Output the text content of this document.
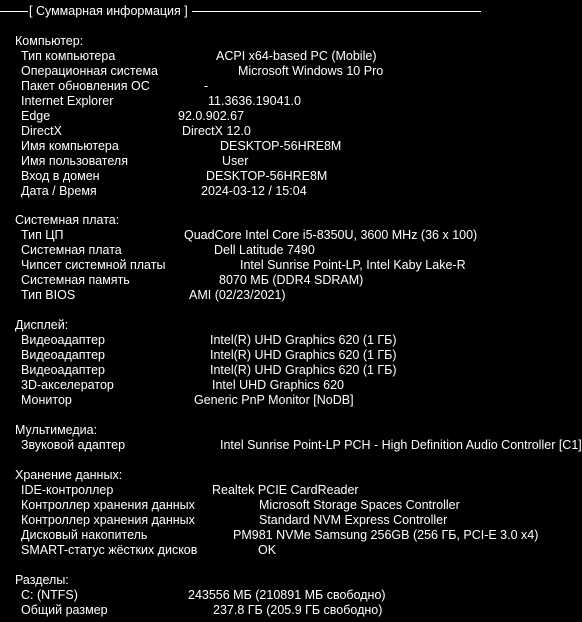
[ Суммарная информация ]
Компьютер:
Тип компьютера	ACPI x64-based PC (Mobile)
Операционная система	Microsoft Windows 10 Pro
Пакет обновления ОС	-
Internet Explorer	11.3636.19041.0
Edge	92.0.902.67
DirectX	DirectX 12.0
Имя компьютера	DESKTOP-56HRE8M
Имя пользователя	User
Вход в домен	DESKTOP-56HRE8M
Дата / Время	2024-03-12 / 15:04
Системная плата:
Тип ЦП	QuadCore Intel Core i5-8350U, 3600 MHz (36 x 100)
Системная плата	Dell Latitude 7490
Чипсет системной платы	Intel Sunrise Point-LP, Intel Kaby Lake-R
Системная память	8070 МБ (DDR4 SDRAM)
Тип BIOS	AMI (02/23/2021)
Дисплей:
Видеоадаптер	Intel(R) UHD Graphics 620 (1 ГБ)
Видеоадаптер	Intel(R) UHD Graphics 620 (1 ГБ)
Видеоадаптер	Intel(R) UHD Graphics 620 (1 ГБ)
3D-акселератор	Intel UHD Graphics 620
Монитор	Generic PnP Monitor [NoDB]
Мультимедиа:
Звуковой адаптер	Intel Sunrise Point-LP PCH - High Definition Audio Controller [C1]
Хранение данных:
IDE-контроллер	Realtek PCIE CardReader
Контроллер хранения данных	Microsoft Storage Spaces Controller
Контроллер хранения данных	Standard NVM Express Controller
Дисковый накопитель	PM981 NVMe Samsung 256GB (256 ГБ, PCI-E 3.0 x4)
SMART-статус жёстких дисков	OK
Разделы:
C: (NTFS)	243556 МБ (210891 МБ свободно)
Общий размер	237.8 ГБ (205.9 ГБ свободно)
